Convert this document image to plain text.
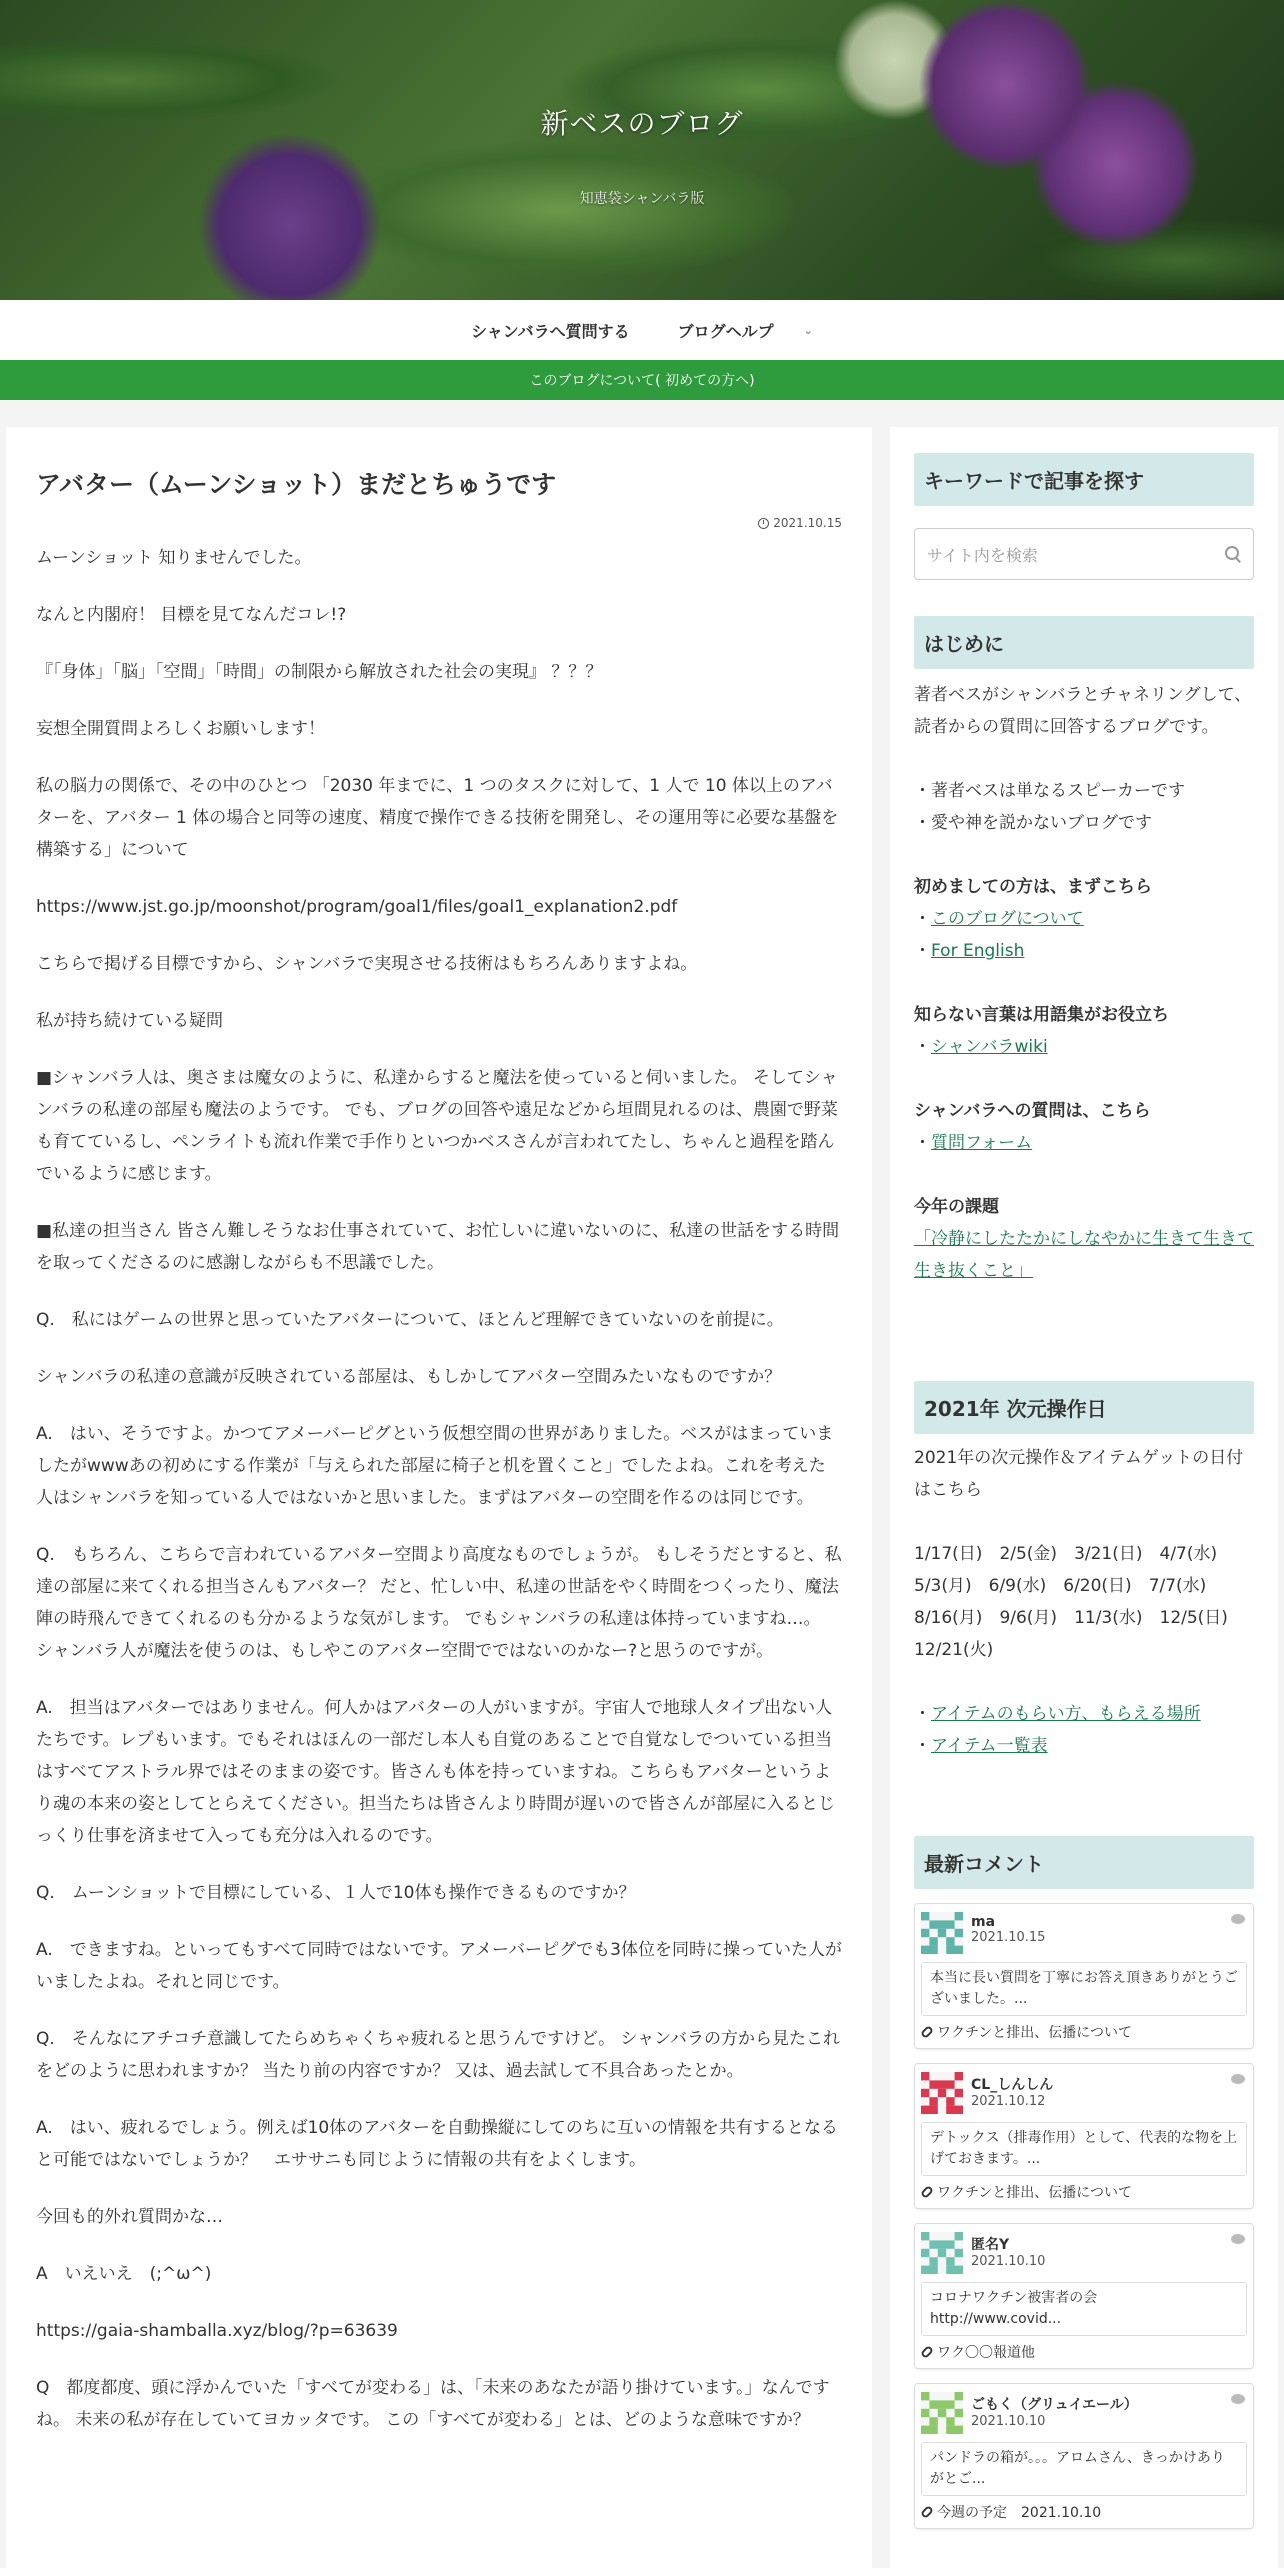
新ベスのブログ
知恵袋シャンバラ版
シャンバラへ質問する	ブログヘルプ	⌄
このブログについて( 初めての方へ)
アバター（ムーンショット）まだとちゅうです
2021.10.15

ムーンショット 知りませんでした。

なんと内閣府！ 目標を見てなんだコレ!?

『「身体」「脳」「空間」「時間」の制限から解放された社会の実現』 ？？？

妄想全開質問よろしくお願いします！

私の脳力の関係で、その中のひとつ 「2030 年までに、1 つのタスクに対して、1 人で 10 体以上のアバターを、アバター 1 体の場合と同等の速度、精度で操作できる技術を開発し、その運用等に必要な基盤を構築する」について

https://www.jst.go.jp/moonshot/program/goal1/files/goal1_explanation2.pdf

こちらで掲げる目標ですから、シャンバラで実現させる技術はもちろんありますよね。

私が持ち続けている疑問

■シャンバラ人は、奥さまは魔女のように、私達からすると魔法を使っていると伺いました。 そしてシャンバラの私達の部屋も魔法のようです。 でも、ブログの回答や遠足などから垣間見れるのは、農園で野菜も育てているし、ペンライトも流れ作業で手作りといつかベスさんが言われてたし、ちゃんと過程を踏んでいるように感じます。

■私達の担当さん 皆さん難しそうなお仕事されていて、お忙しいに違いないのに、私達の世話をする時間を取ってくださるのに感謝しながらも不思議でした。

Q.　私にはゲームの世界と思っていたアバターについて、ほとんど理解できていないのを前提に。

シャンバラの私達の意識が反映されている部屋は、もしかしてアバター空間みたいなものですか？

A.　はい、そうですよ。かつてアメーバーピグという仮想空間の世界がありました。ベスがはまっていましたがwwwあの初めにする作業が「与えられた部屋に椅子と机を置くこと」でしたよね。これを考えた人はシャンバラを知っている人ではないかと思いました。まずはアバターの空間を作るのは同じです。

Q.　もちろん、こちらで言われているアバター空間より高度なものでしょうが。 もしそうだとすると、私達の部屋に来てくれる担当さんもアバター？ だと、忙しい中、私達の世話をやく時間をつくったり、魔法陣の時飛んできてくれるのも分かるような気がします。 でもシャンバラの私達は体持っていますね…。 シャンバラ人が魔法を使うのは、もしやこのアバター空間でではないのかなー?と思うのですが。

A.　担当はアバターではありません。何人かはアバターの人がいますが。宇宙人で地球人タイプ出ない人たちです。レプもいます。でもそれはほんの一部だし本人も自覚のあることで自覚なしでついている担当はすべてアストラル界ではそのままの姿です。皆さんも体を持っていますね。こちらもアバターというより魂の本来の姿としてとらえてください。担当たちは皆さんより時間が遅いので皆さんが部屋に入るとじっくり仕事を済ませて入っても充分は入れるのです。

Q.　ムーンショットで目標にしている、１人で10体も操作できるものですか？

A.　できますね。といってもすべて同時ではないです。アメーバーピグでも3体位を同時に操っていた人がいましたよね。それと同じです。

Q.　そんなにアチコチ意識してたらめちゃくちゃ疲れると思うんですけど。 シャンバラの方から見たこれをどのように思われますか？ 当たり前の内容ですか？ 又は、過去試して不具合あったとか。

A.　はい、疲れるでしょう。例えば10体のアバターを自動操縦にしてのちに互いの情報を共有するとなると可能ではないでしょうか？　エササニも同じように情報の共有をよくします。

今回も的外れ質問かな…

A　いえいえ　(;^ω^)

https://gaia-shamballa.xyz/blog/?p=63639

Q　都度都度、頭に浮かんでいた「すべてが変わる」は、「未来のあなたが語り掛けています。」なんですね。 未来の私が存在していてヨカッタです。 この「すべてが変わる」とは、どのような意味ですか？

キーワードで記事を探す
サイト内を検索
はじめに
著者ベスがシャンバラとチャネリングして、読者からの質問に回答するブログです。
・著者ベスは単なるスピーカーです
・愛や神を説かないブログです
初めましての方は、まずこちら
・このブログについて
・For English
知らない言葉は用語集がお役立ち
・シャンバラwiki
シャンバラへの質問は、こちら
・質問フォーム
今年の課題
「冷静にしたたかにしなやかに生きて生きて生き抜くこと」
2021年 次元操作日
2021年の次元操作＆アイテムゲットの日付はこちら
1/17(日)　2/5(金)　3/21(日)　4/7(水)
5/3(月)　6/9(水)　6/20(日)　7/7(水)
8/16(月)　9/6(月)　11/3(水)　12/5(日)
12/21(火)
・アイテムのもらい方、もらえる場所
・アイテム一覧表
最新コメント
ma
2021.10.15
本当に長い質問を丁寧にお答え頂きありがとうございました。...
ワクチンと排出、伝播について
CL_しんしん
2021.10.12
デトックス（排毒作用）として、代表的な物を上げておきます。...
ワクチンと排出、伝播について
匿名Y
2021.10.10
コロナワクチン被害者の会
http://www.covid...
ワク〇〇報道他
ごもく（グリュイエール）
2021.10.10
パンドラの箱が。。。アロムさん、きっかけありがとご...
今週の予定　2021.10.10
